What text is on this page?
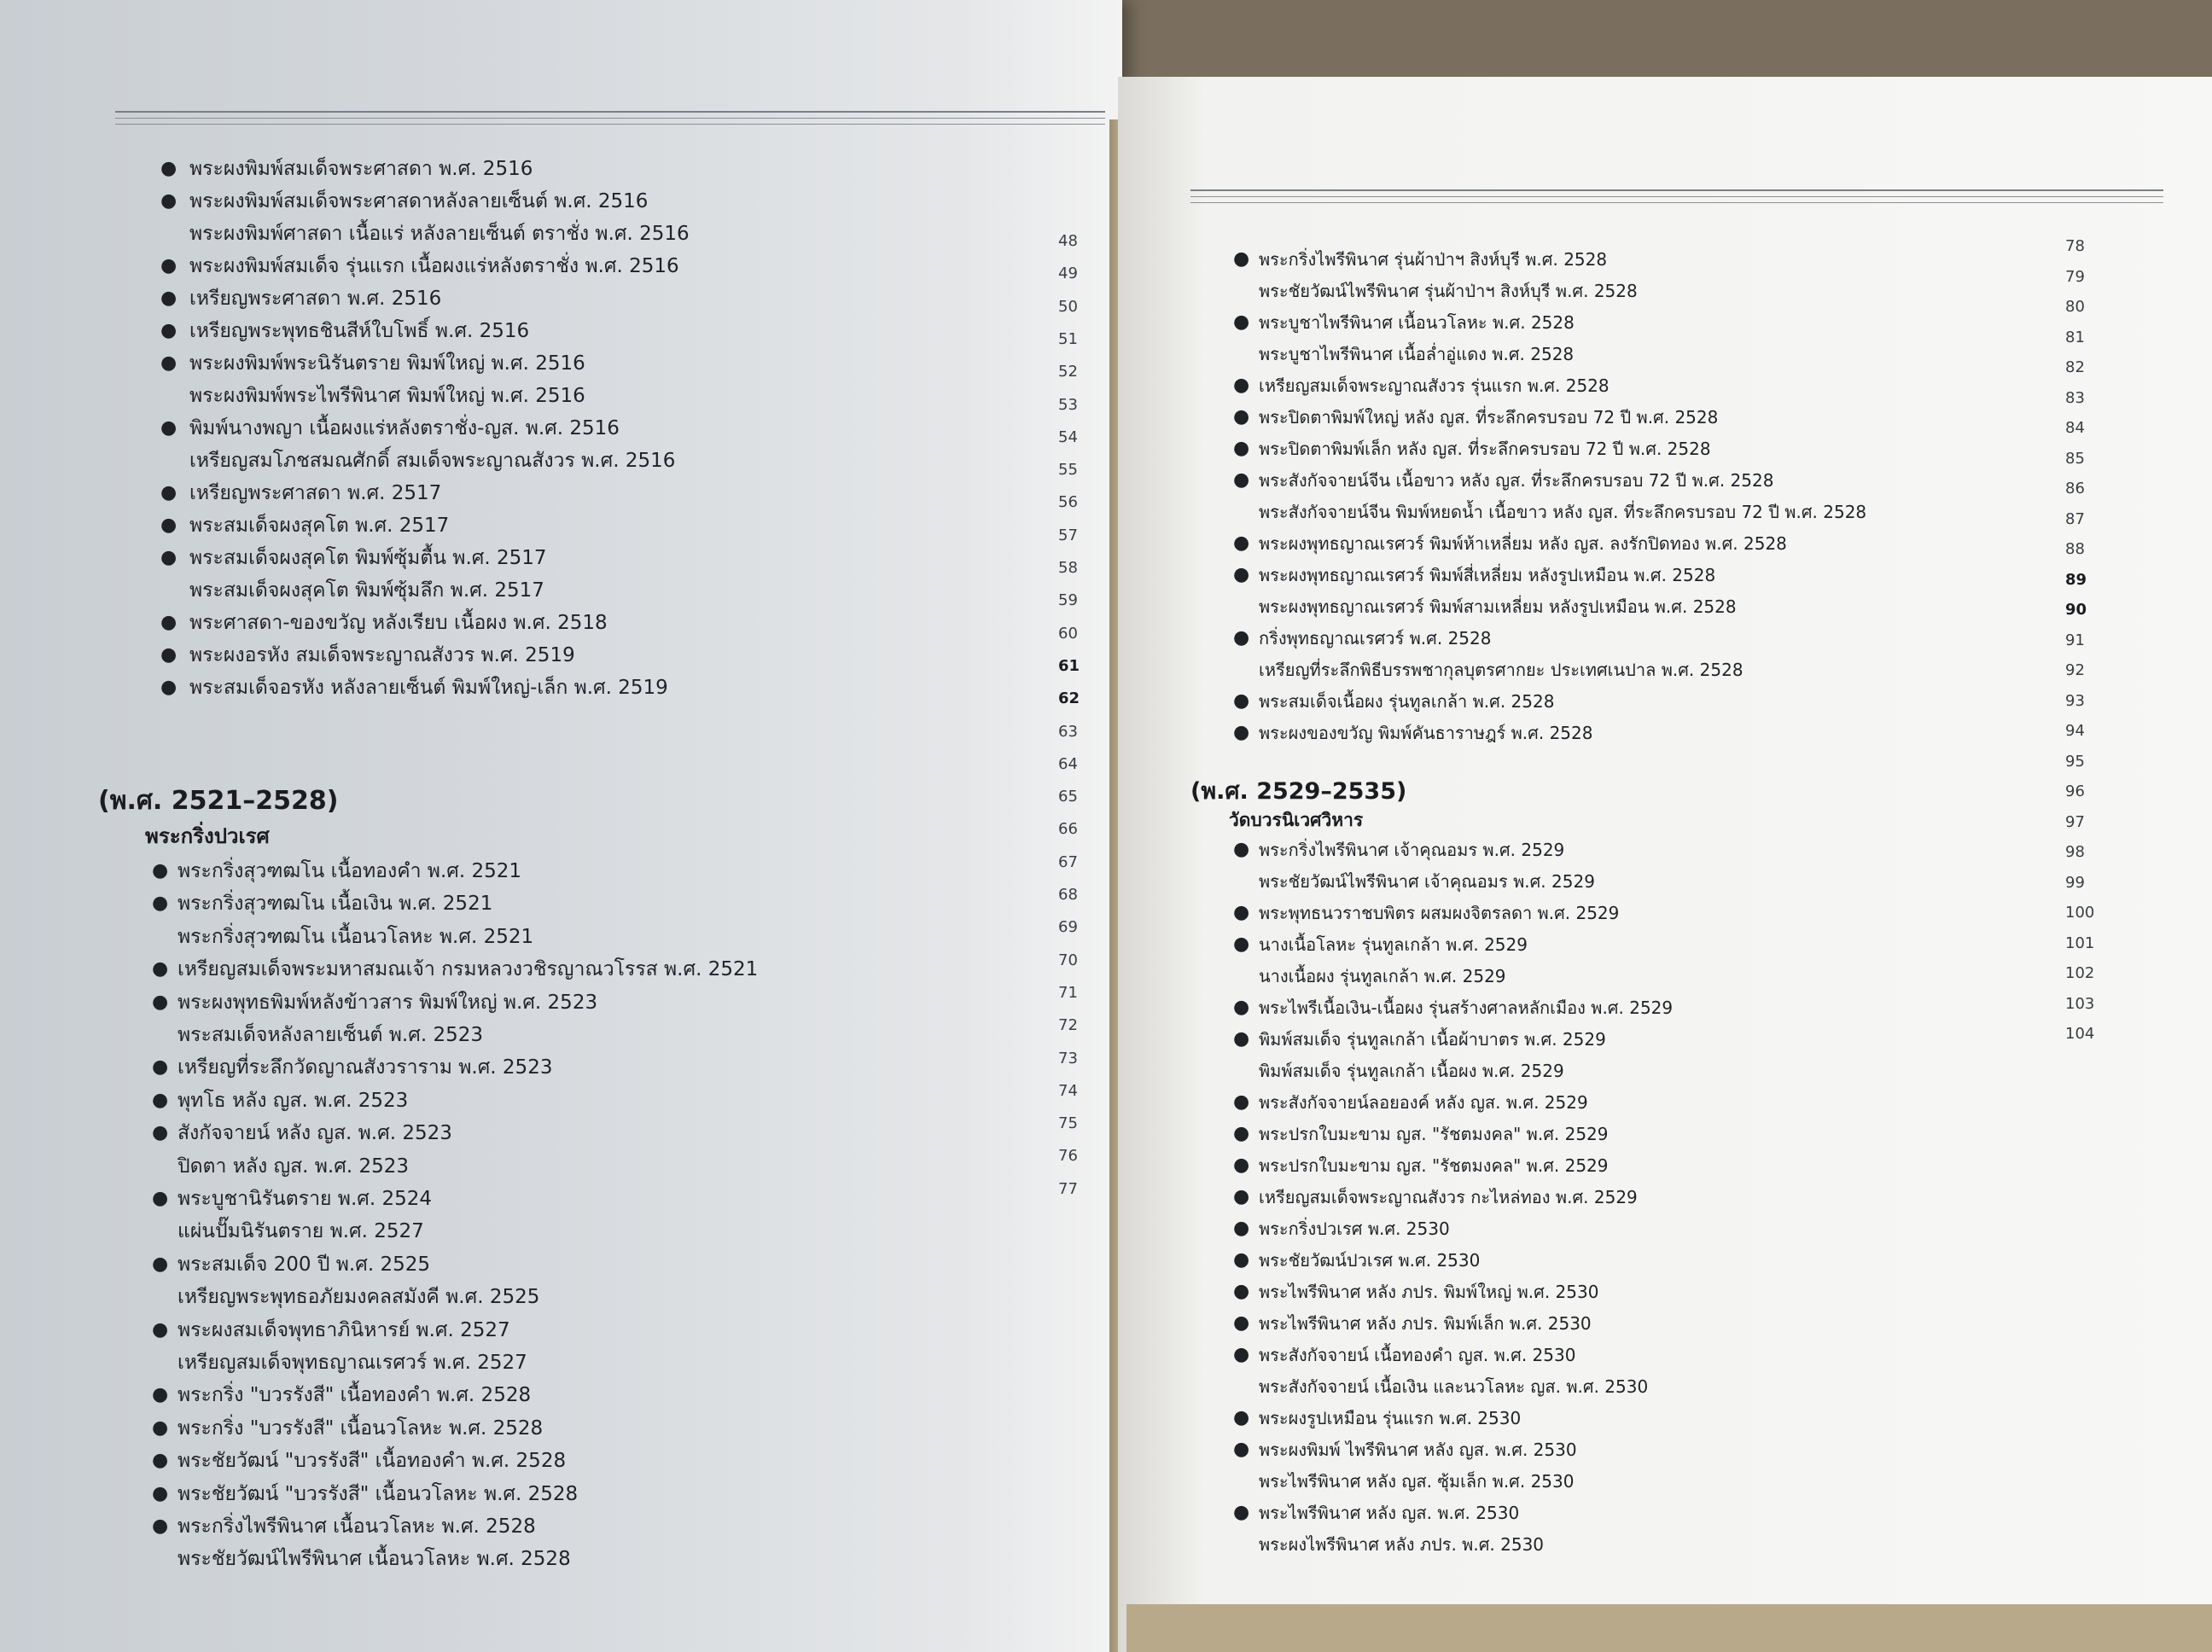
● พระผงพิมพ์สมเด็จพระศาสดา พ.ศ. 2516
● พระผงพิมพ์สมเด็จพระศาสดาหลังลายเซ็นต์ พ.ศ. 2516
พระผงพิมพ์ศาสดา เนื้อแร่ หลังลายเซ็นต์ ตราชั่ง พ.ศ. 2516
● พระผงพิมพ์สมเด็จ รุ่นแรก เนื้อผงแร่หลังตราชั่ง พ.ศ. 2516
● เหรียญพระศาสดา พ.ศ. 2516
● เหรียญพระพุทธชินสีห์ใบโพธิ์ พ.ศ. 2516
● พระผงพิมพ์พระนิรันตราย พิมพ์ใหญ่ พ.ศ. 2516
พระผงพิมพ์พระไพรีพินาศ พิมพ์ใหญ่ พ.ศ. 2516
● พิมพ์นางพญา เนื้อผงแร่หลังตราชั่ง-ญส. พ.ศ. 2516
เหรียญสมโภชสมณศักดิ์ สมเด็จพระญาณสังวร พ.ศ. 2516
● เหรียญพระศาสดา พ.ศ. 2517
● พระสมเด็จผงสุคโต พ.ศ. 2517
● พระสมเด็จผงสุคโต พิมพ์ซุ้มตื้น พ.ศ. 2517
พระสมเด็จผงสุคโต พิมพ์ซุ้มลึก พ.ศ. 2517
● พระศาสดา-ของขวัญ หลังเรียบ เนื้อผง พ.ศ. 2518
● พระผงอรหัง สมเด็จพระญาณสังวร พ.ศ. 2519
● พระสมเด็จอรหัง หลังลายเซ็นต์ พิมพ์ใหญ่-เล็ก พ.ศ. 2519
(พ.ศ. 2521–2528)
พระกริ่งปวเรศ
● พระกริ่งสุวฑฒโน เนื้อทองคำ พ.ศ. 2521
● พระกริ่งสุวฑฒโน เนื้อเงิน พ.ศ. 2521
พระกริ่งสุวฑฒโน เนื้อนวโลหะ พ.ศ. 2521
● เหรียญสมเด็จพระมหาสมณเจ้า กรมหลวงวชิรญาณวโรรส พ.ศ. 2521
● พระผงพุทธพิมพ์หลังข้าวสาร พิมพ์ใหญ่ พ.ศ. 2523
พระสมเด็จหลังลายเซ็นต์ พ.ศ. 2523
● เหรียญที่ระลึกวัดญาณสังวราราม พ.ศ. 2523
● พุทโธ หลัง ญส. พ.ศ. 2523
● สังกัจจายน์ หลัง ญส. พ.ศ. 2523
ปิดตา หลัง ญส. พ.ศ. 2523
● พระบูชานิรันตราย พ.ศ. 2524
แผ่นปั๊มนิรันตราย พ.ศ. 2527
● พระสมเด็จ 200 ปี พ.ศ. 2525
เหรียญพระพุทธอภัยมงคลสมังคี พ.ศ. 2525
● พระผงสมเด็จพุทธาภินิหารย์ พ.ศ. 2527
เหรียญสมเด็จพุทธญาณเรศวร์ พ.ศ. 2527
● พระกริ่ง "บวรรังสี" เนื้อทองคำ พ.ศ. 2528
● พระกริ่ง "บวรรังสี" เนื้อนวโลหะ พ.ศ. 2528
● พระชัยวัฒน์ "บวรรังสี" เนื้อทองคำ พ.ศ. 2528
● พระชัยวัฒน์ "บวรรังสี" เนื้อนวโลหะ พ.ศ. 2528
● พระกริ่งไพรีพินาศ เนื้อนวโลหะ พ.ศ. 2528
พระชัยวัฒน์ไพรีพินาศ เนื้อนวโลหะ พ.ศ. 2528
48
49
50
51
52
53
54
55
56
57
58
59
60
61
62
63
64
65
66
67
68
69
70
71
72
73
74
75
76
77
● พระกริ่งไพรีพินาศ รุ่นผ้าป่าฯ สิงห์บุรี พ.ศ. 2528
พระชัยวัฒน์ไพรีพินาศ รุ่นผ้าป่าฯ สิงห์บุรี พ.ศ. 2528
● พระบูชาไพรีพินาศ เนื้อนวโลหะ พ.ศ. 2528
พระบูชาไพรีพินาศ เนื้อล่ำอู่แดง พ.ศ. 2528
● เหรียญสมเด็จพระญาณสังวร รุ่นแรก พ.ศ. 2528
● พระปิดตาพิมพ์ใหญ่ หลัง ญส. ที่ระลึกครบรอบ 72 ปี พ.ศ. 2528
● พระปิดตาพิมพ์เล็ก หลัง ญส. ที่ระลึกครบรอบ 72 ปี พ.ศ. 2528
● พระสังกัจจายน์จีน เนื้อขาว หลัง ญส. ที่ระลึกครบรอบ 72 ปี พ.ศ. 2528
พระสังกัจจายน์จีน พิมพ์หยดน้ำ เนื้อขาว หลัง ญส. ที่ระลึกครบรอบ 72 ปี พ.ศ. 2528
● พระผงพุทธญาณเรศวร์ พิมพ์ห้าเหลี่ยม หลัง ญส. ลงรักปิดทอง พ.ศ. 2528
● พระผงพุทธญาณเรศวร์ พิมพ์สี่เหลี่ยม หลังรูปเหมือน พ.ศ. 2528
พระผงพุทธญาณเรศวร์ พิมพ์สามเหลี่ยม หลังรูปเหมือน พ.ศ. 2528
● กริ่งพุทธญาณเรศวร์ พ.ศ. 2528
เหรียญที่ระลึกพิธีบรรพชากุลบุตรศากยะ ประเทศเนปาล พ.ศ. 2528
● พระสมเด็จเนื้อผง รุ่นทูลเกล้า พ.ศ. 2528
● พระผงของขวัญ พิมพ์คันธาราษฎร์ พ.ศ. 2528
(พ.ศ. 2529–2535)
วัดบวรนิเวศวิหาร
● พระกริ่งไพรีพินาศ เจ้าคุณอมร พ.ศ. 2529
พระชัยวัฒน์ไพรีพินาศ เจ้าคุณอมร พ.ศ. 2529
● พระพุทธนวราชบพิตร ผสมผงจิตรลดา พ.ศ. 2529
● นางเนื้อโลหะ รุ่นทูลเกล้า พ.ศ. 2529
นางเนื้อผง รุ่นทูลเกล้า พ.ศ. 2529
● พระไพรีเนื้อเงิน-เนื้อผง รุ่นสร้างศาลหลักเมือง พ.ศ. 2529
● พิมพ์สมเด็จ รุ่นทูลเกล้า เนื้อผ้าบาตร พ.ศ. 2529
พิมพ์สมเด็จ รุ่นทูลเกล้า เนื้อผง พ.ศ. 2529
● พระสังกัจจายน์ลอยองค์ หลัง ญส. พ.ศ. 2529
● พระปรกใบมะขาม ญส. "รัชตมงคล" พ.ศ. 2529
● พระปรกใบมะขาม ญส. "รัชตมงคล" พ.ศ. 2529
● เหรียญสมเด็จพระญาณสังวร กะไหล่ทอง พ.ศ. 2529
● พระกริ่งปวเรศ พ.ศ. 2530
● พระชัยวัฒน์ปวเรศ พ.ศ. 2530
● พระไพรีพินาศ หลัง ภปร. พิมพ์ใหญ่ พ.ศ. 2530
● พระไพรีพินาศ หลัง ภปร. พิมพ์เล็ก พ.ศ. 2530
● พระสังกัจจายน์ เนื้อทองคำ ญส. พ.ศ. 2530
พระสังกัจจายน์ เนื้อเงิน และนวโลหะ ญส. พ.ศ. 2530
● พระผงรูปเหมือน รุ่นแรก พ.ศ. 2530
● พระผงพิมพ์ ไพรีพินาศ หลัง ญส. พ.ศ. 2530
พระไพรีพินาศ หลัง ญส. ซุ้มเล็ก พ.ศ. 2530
● พระไพรีพินาศ หลัง ญส. พ.ศ. 2530
พระผงไพรีพินาศ หลัง ภปร. พ.ศ. 2530
78
79
80
81
82
83
84
85
86
87
88
89
90
91
92
93
94
95
96
97
98
99
100
101
102
103
104
